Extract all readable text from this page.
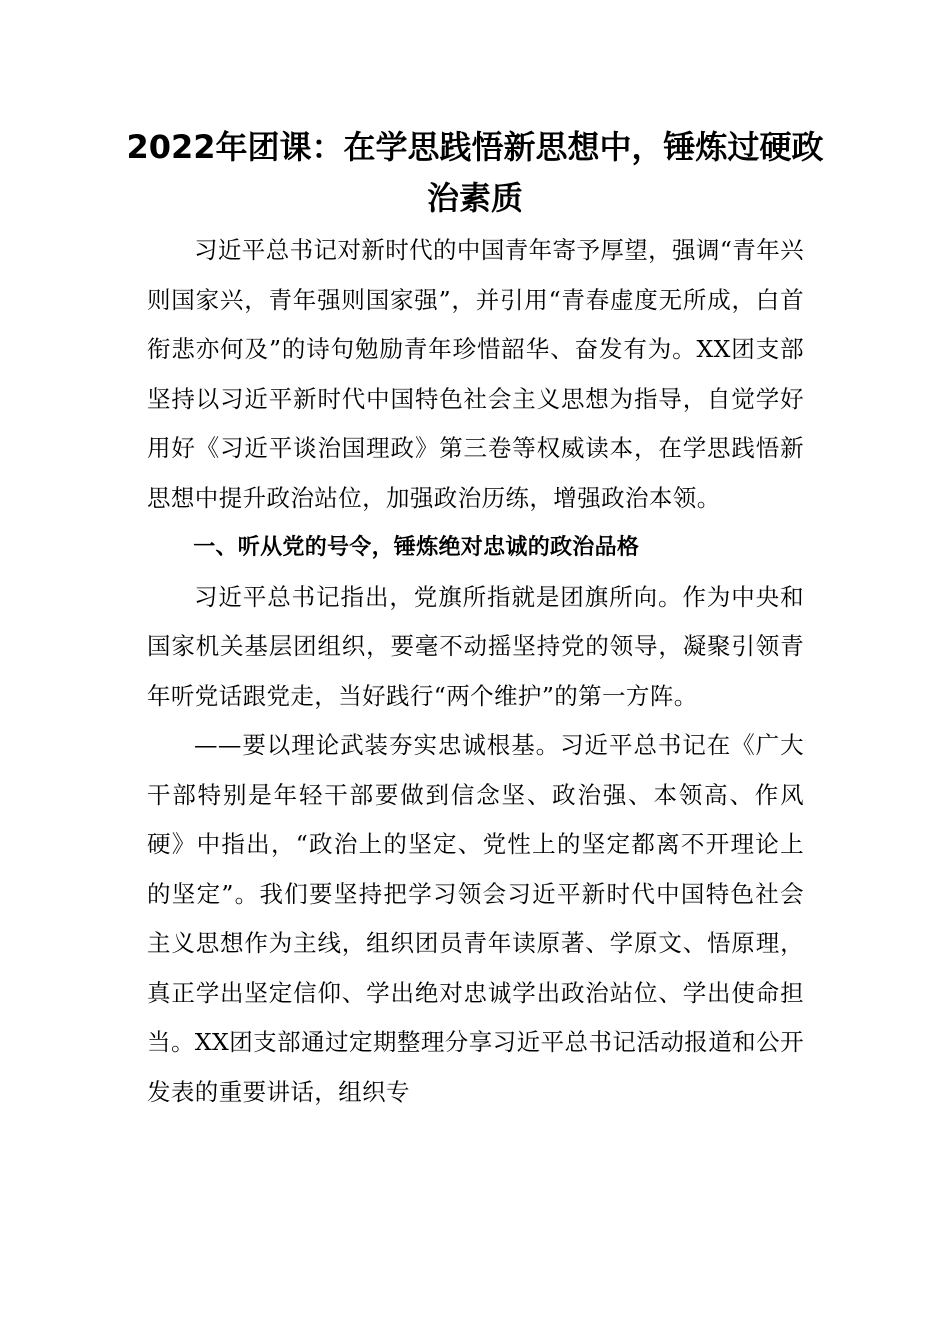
2022年团课：在学思践悟新思想中，锤炼过硬政治素质

习近平总书记对新时代的中国青年寄予厚望，强调“青年兴则国家兴，青年强则国家强”，并引用“青春虚度无所成，白首衔悲亦何及”的诗句勉励青年珍惜韶华、奋发有为。XX团支部坚持以习近平新时代中国特色社会主义思想为指导，自觉学好用好《习近平谈治国理政》第三卷等权威读本，在学思践悟新思想中提升政治站位，加强政治历练，增强政治本领。

一、听从党的号令，锤炼绝对忠诚的政治品格

习近平总书记指出，党旗所指就是团旗所向。作为中央和国家机关基层团组织，要毫不动摇坚持党的领导，凝聚引领青年听党话跟党走，当好践行“两个维护”的第一方阵。

——要以理论武装夯实忠诚根基。习近平总书记在《广大干部特别是年轻干部要做到信念坚、政治强、本领高、作风硬》中指出，“政治上的坚定、党性上的坚定都离不开理论上的坚定”。我们要坚持把学习领会习近平新时代中国特色社会主义思想作为主线，组织团员青年读原著、学原文、悟原理，真正学出坚定信仰、学出绝对忠诚学出政治站位、学出使命担当。XX团支部通过定期整理分享习近平总书记活动报道和公开发表的重要讲话，组织专
